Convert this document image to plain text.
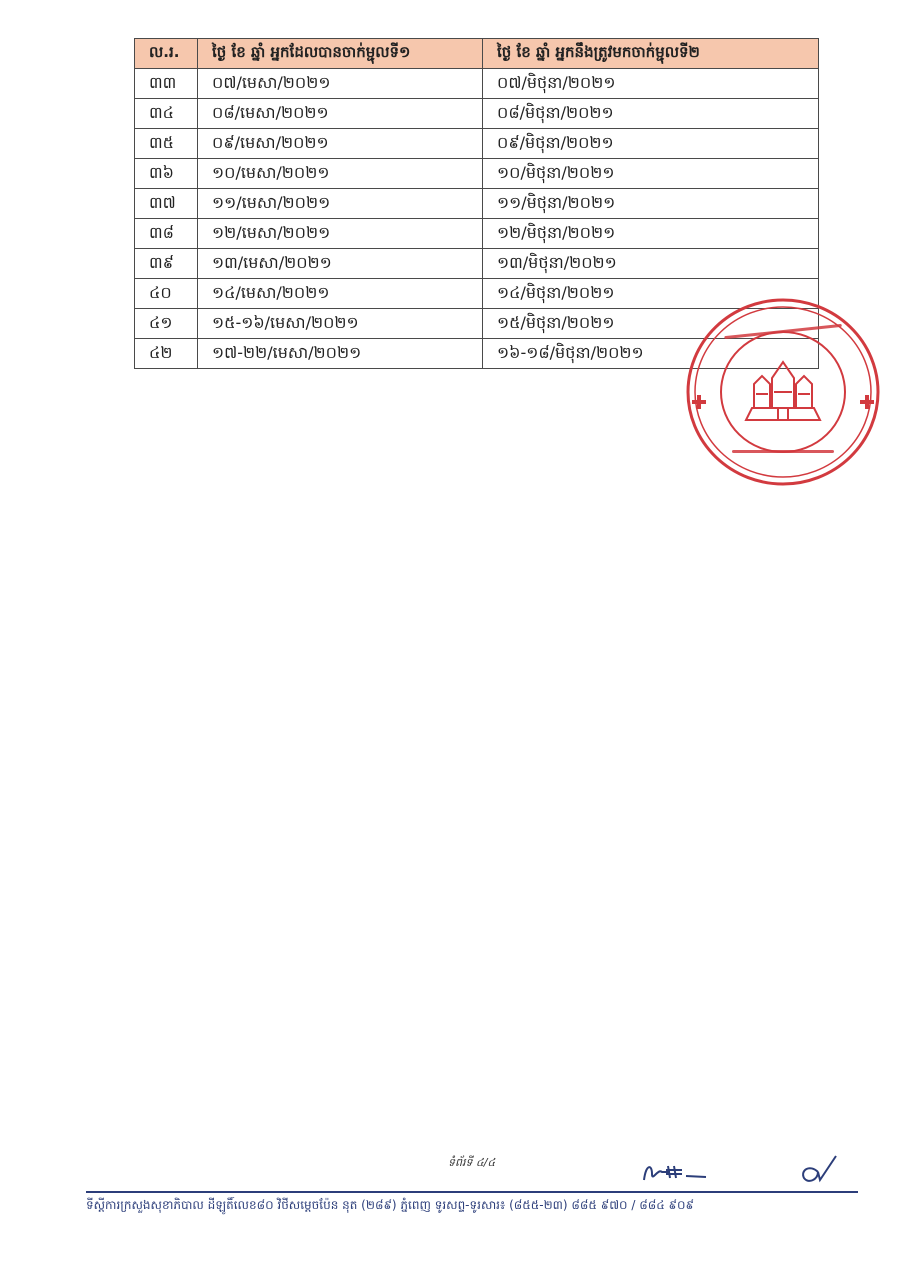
ល.រ.	ថ្ងៃ ខែ ឆ្នាំ អ្នកដែលបានចាក់ម្ជុលទី១	ថ្ងៃ ខែ ឆ្នាំ អ្នកនឹងត្រូវមកចាក់ម្ជុលទី២
៣៣	០៧/មេសា/២០២១	០៧/មិថុនា/២០២១
៣៤	០៨/មេសា/២០២១	០៨/មិថុនា/២០២១
៣៥	០៩/មេសា/២០២១	០៩/មិថុនា/២០២១
៣៦	១០/មេសា/២០២១	១០/មិថុនា/២០២១
៣៧	១១/មេសា/២០២១	១១/មិថុនា/២០២១
៣៨	១២/មេសា/២០២១	១២/មិថុនា/២០២១
៣៩	១៣/មេសា/២០២១	១៣/មិថុនា/២០២១
៤០	១៤/មេសា/២០២១	១៤/មិថុនា/២០២១
៤១	១៥-១៦/មេសា/២០២១	១៥/មិថុនា/២០២១
៤២	១៧-២២/មេសា/២០២១	១៦-១៨/មិថុនា/២០២១
ទំព័រទី ៤/៤
ទីស្តីការក្រសួងសុខាភិបាល ដីឡូតិ៍លេខ៨០ វិថីសម្តេចប៉ែន នុត (២៨៩) ភ្នំពេញ ទូរសព្ទ-ទូរសារ៖ (៨៥៥-២៣) ៨៨៥ ៩៧០ / ៨៨៤ ៩០៩
